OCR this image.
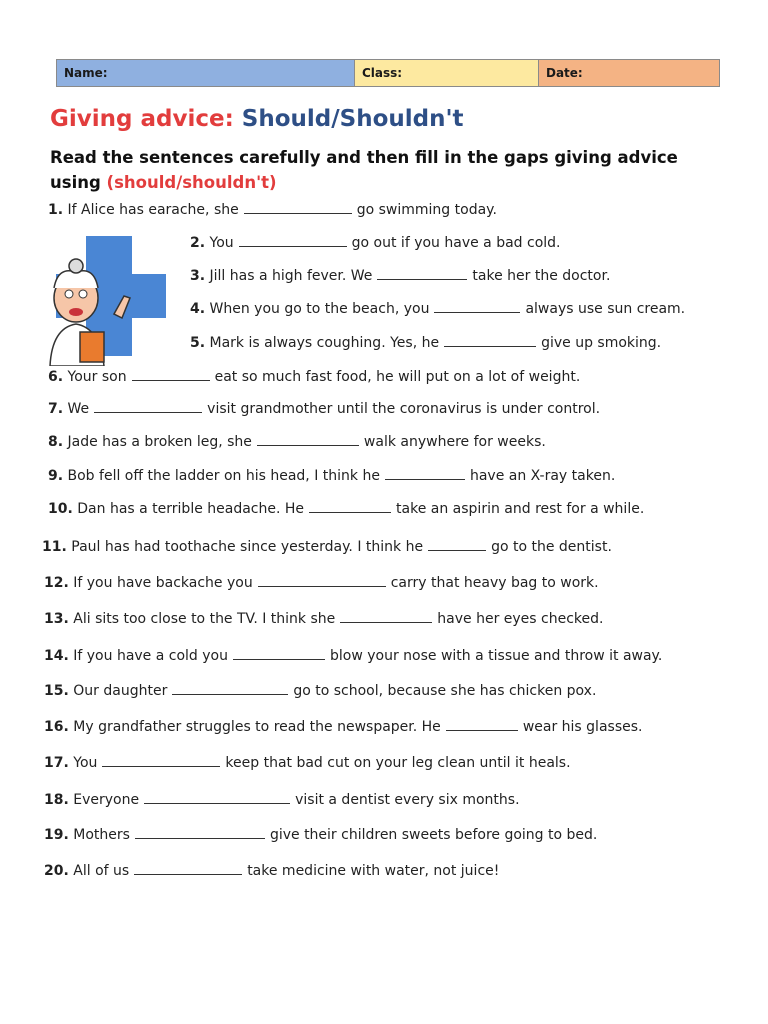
Name:	Class:	Date:
Giving advice: Should/Shouldn't
Read the sentences carefully and then fill in the gaps giving advice using (should/shouldn't)
1. If Alice has earache, she	go swimming today.
2. You	go out if you have a bad cold.
3. Jill has a high fever. We	take her the doctor.
4. When you go to the beach, you	always use sun cream.
5. Mark is always coughing. Yes, he	give up smoking.
6. Your son	eat so much fast food, he will put on a lot of weight.
7. We	visit grandmother until the coronavirus is under control.
8. Jade has a broken leg, she	walk anywhere for weeks.
9. Bob fell off the ladder on his head, I think he	have an X-ray taken.
10. Dan has a terrible headache. He	take an aspirin and rest for a while.
11. Paul has had toothache since yesterday. I think he	go to the dentist.
12. If you have backache you	carry that heavy bag to work.
13. Ali sits too close to the TV. I think she	have her eyes checked.
14. If you have a cold you	blow your nose with a tissue and throw it away.
15. Our daughter	go to school, because she has chicken pox.
16. My grandfather struggles to read the newspaper. He	wear his glasses.
17. You	keep that bad cut on your leg clean until it heals.
18. Everyone	visit a dentist every six months.
19. Mothers	give their children sweets before going to bed.
20. All of us	take medicine with water, not juice!
